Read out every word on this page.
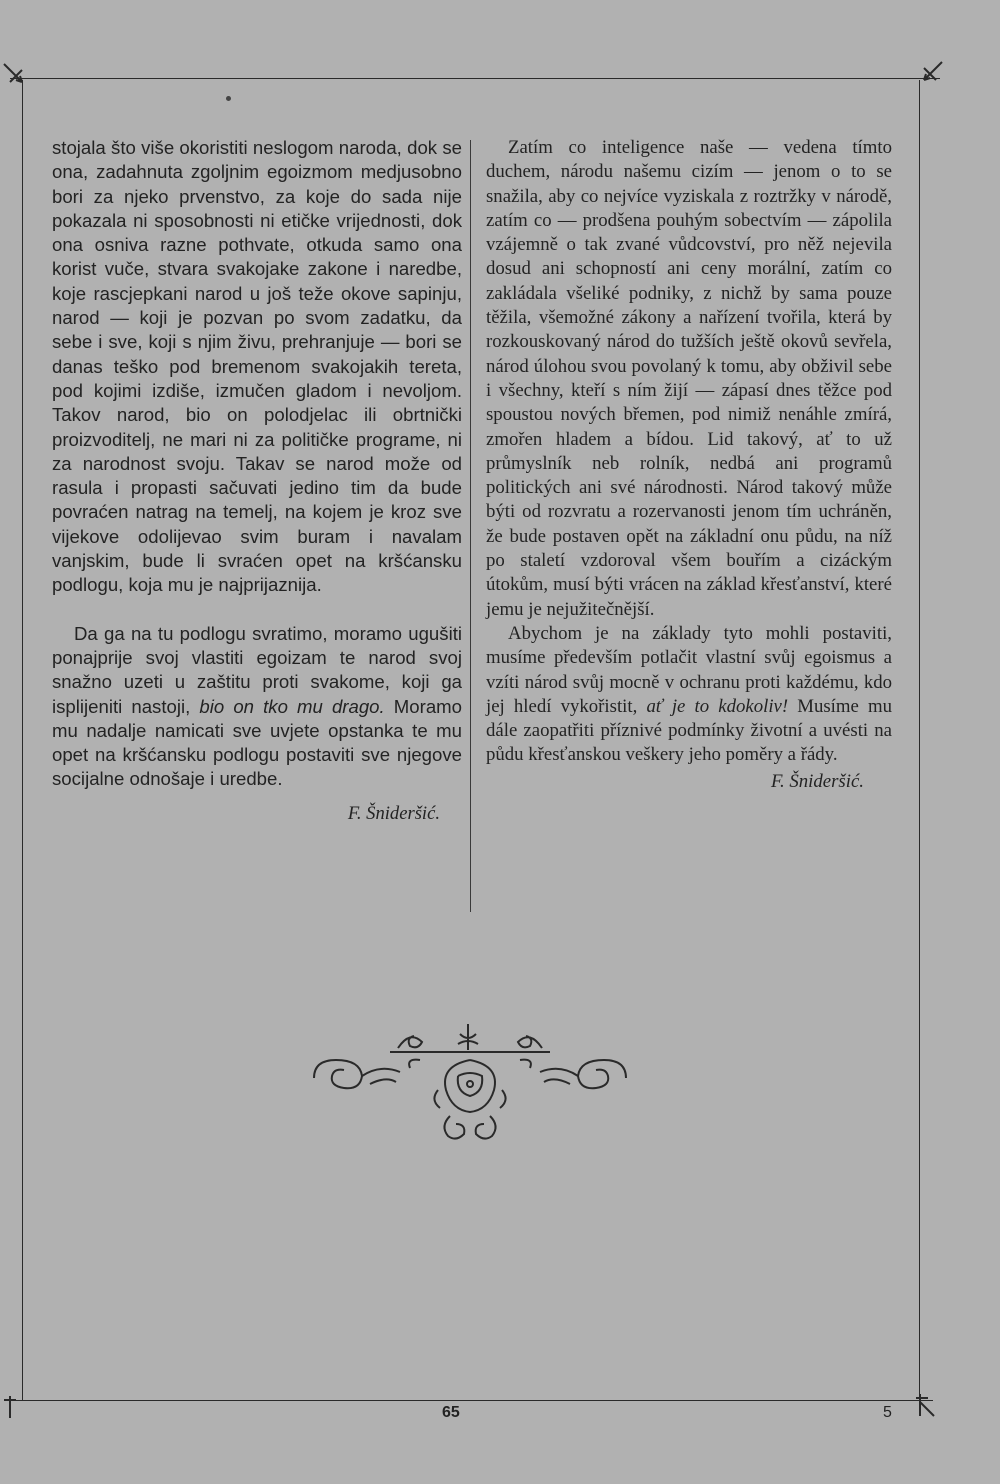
stojala što više okoristiti neslogom naroda, dok se ona, zadahnuta zgoljnim egoizmom medjusobno bori za njeko prvenstvo, za koje do sada nije pokazala ni sposobnosti ni etičke vrijednosti, dok ona osniva razne pothvate, otkuda samo ona korist vuče, stvara svakojake zakone i naredbe, koje rascjepkani narod u još teže okove sapinju, narod — koji je pozvan po svom zadatku, da sebe i sve, koji s njim živu, prehranjuje — bori se danas teško pod bremenom svakojakih tereta, pod kojimi izdiše, izmučen gladom i nevoljom. Takov narod, bio on polodjelac ili obrtnički proizvoditelj, ne mari ni za političke programe, ni za narodnost svoju. Takav se narod može od rasula i propasti sačuvati jedino tim da bude povraćen natrag na temelj, na kojem je kroz sve vijekove odolijevao svim buram i navalam vanjskim, bude li svraćen opet na kršćansku podlogu, koja mu je najprijaznija.

Da ga na tu podlogu svratimo, moramo ugušiti ponajprije svoj vlastiti egoizam te narod svoj snažno uzeti u zaštitu proti svakome, koji ga isplijeniti nastoji, bio on tko mu drago. Moramo mu nadalje namicati sve uvjete opstanka te mu opet na kršćansku podlogu postaviti sve njegove socijalne odnošaje i uredbe.

F. Šnideršić.

Zatím co inteligence naše — vedena tímto duchem, národu našemu cizím — jenom o to se snažila, aby co nejvíce vyziskala z roztržky v národě, zatím co — prodšena pouhým sobectvím — zápolila vzájemně o tak zvané vůdcovství, pro něž nejevila dosud ani schopností ani ceny morální, zatím co zakládala všeliké podniky, z nichž by sama pouze těžila, všemožné zákony a nařízení tvořila, která by rozkouskovaný národ do tužších ještě okovů sevřela, národ úlohou svou povolaný k tomu, aby obživil sebe i všechny, kteří s ním žijí — zápasí dnes těžce pod spoustou nových břemen, pod nimiž nenáhle zmírá, zmořen hladem a bídou. Lid takový, ať to už průmyslník neb rolník, nedbá ani programů politických ani své národnosti. Národ takový může býti od rozvratu a rozervanosti jenom tím uchráněn, že bude postaven opět na základní onu půdu, na níž po staletí vzdoroval všem bouřím a cizáckým útokům, musí býti vrácen na základ křesťanství, které jemu je nejužitečnější.

Abychom je na základy tyto mohli postaviti, musíme především potlačit vlastní svůj egoismus a vzíti národ svůj mocně v ochranu proti každému, kdo jej hledí vykořistit, ať je to kdokoliv! Musíme mu dále zaopatřiti příznivé podmínky životní a uvésti na půdu křesťanskou veškery jeho poměry a řády.

F. Šnideršić.

65	5
